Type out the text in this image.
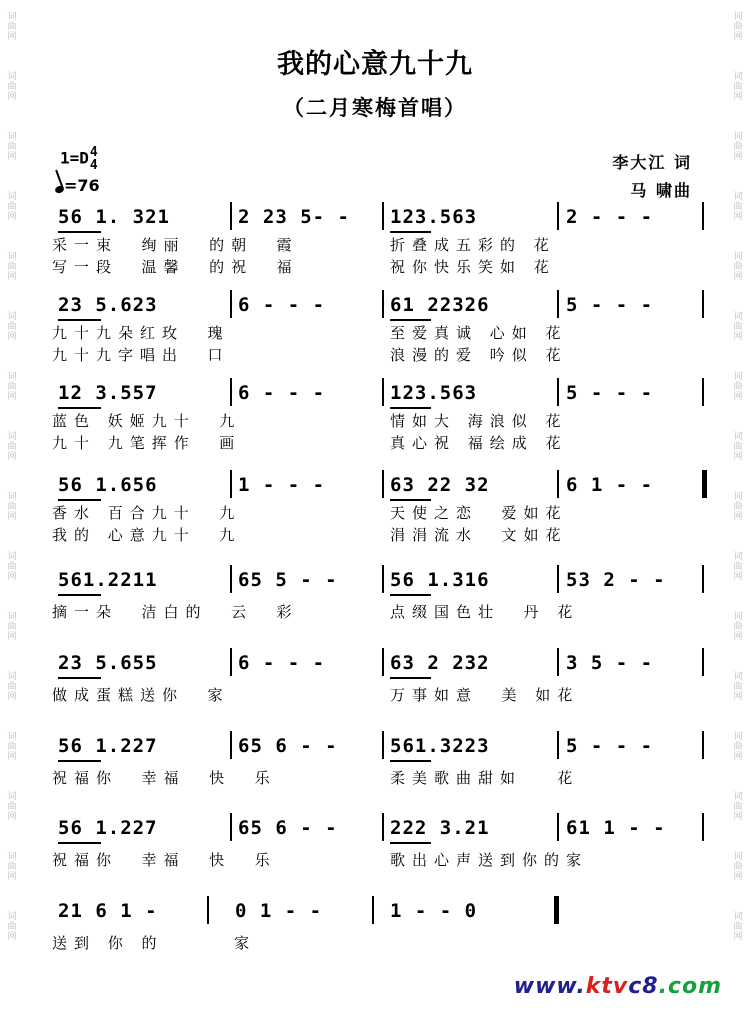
词
曲
网
词
曲
网
词
曲
网
词
曲
网
词
曲
网
词
曲
网
词
曲
网
词
曲
网
词
曲
网
词
曲
网
词
曲
网
词
曲
网
词
曲
网
词
曲
网
词
曲
网
词
曲
网
词
曲
网
词
曲
网
词
曲
网
词
曲
网
词
曲
网
词
曲
网
词
曲
网
词
曲
网
词
曲
网
词
曲
网
词
曲
网
词
曲
网
词
曲
网
词
曲
网
词
曲
网
词
曲
网
我的心意九十九
（二月寒梅首唱）
1=D4
4
=76
李大江 词
马 啸曲
56 1. 321	2 23 5- - 123.563	2 - - -
采一束  绚丽  的朝  霞	折叠成五彩的 花
写一段  温馨  的祝  福	祝你快乐笑如 花
23 5.623	6 - - -	61 22326	5 - - -
九十九朵红玫  瑰	至爱真诚 心如 花
九十九字唱出  口	浪漫的爱 吟似 花
12 3.557	6 - - -	123.563	5 - - -
蓝色 妖姬九十  九	情如大 海浪似 花
九十 九笔挥作  画	真心祝 福绘成 花
56 1.656	1 - - -	63 22 32	6 1 - -
香水 百合九十  九	天使之恋  爱如花
我的 心意九十  九	涓涓流水  文如花
561.2211	65 5 - -	56 1.316	53 2 - -
摘一朵  洁白的  云  彩	点缀国色壮  丹 花
23 5.655	6 - - -	63 2 232	3 5 - -
做成蛋糕送你  家	万事如意  美 如花
56 1.227	65 6 - -	561.3223	5 - - -
祝福你  幸福  快  乐	柔美歌曲甜如   花
56 1.227	65 6 - -	222 3.21	61 1 - -
祝福你  幸福  快  乐	歌出心声送到你的家
21 6 1 -	0 1 - -	1 - - 0
送到 你 的      家
www.ktvc8.com
